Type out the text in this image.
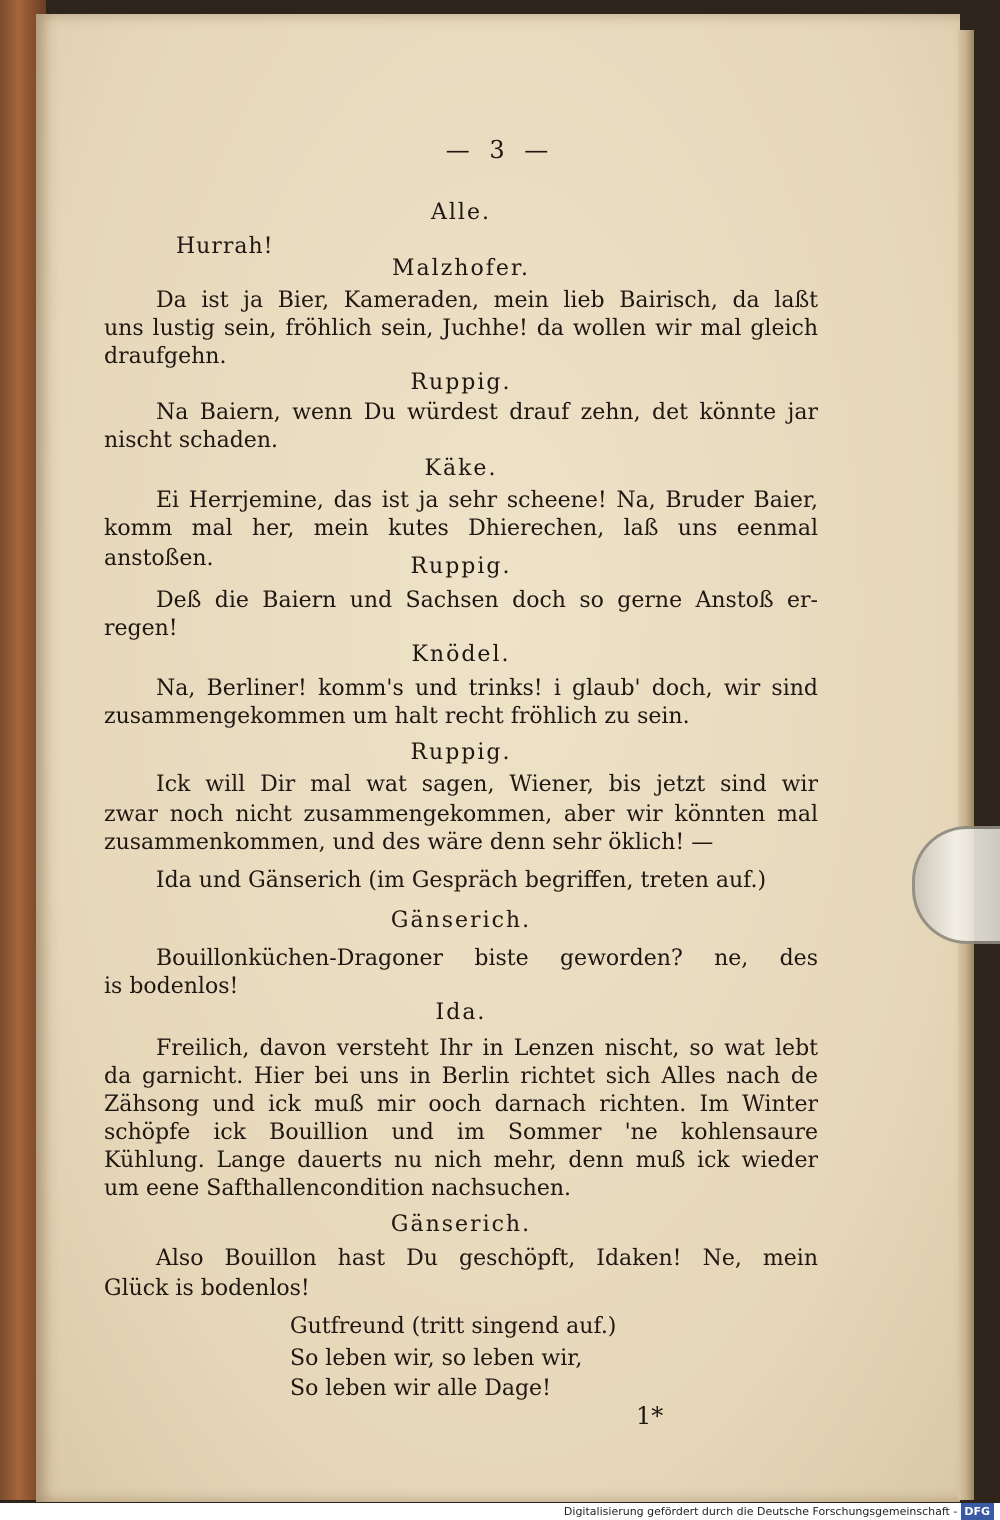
— 3 —
Alle.
Hurrah!
Malzhofer.
Da ist ja Bier, Kameraden, mein lieb Bairisch, da laßt
uns lustig sein, fröhlich sein, Juchhe! da wollen wir mal gleich
draufgehn.
Ruppig.
Na Baiern, wenn Du würdest drauf zehn, det könnte jar
nischt schaden.
Käke.
Ei Herrjemine, das ist ja sehr scheene! Na, Bruder Baier,
komm mal her, mein kutes Dhierechen, laß uns eenmal anstoßen.	Ruppig.
Deß die Baiern und Sachsen doch so gerne Anstoß er-
regen!
Knödel.
Na, Berliner! komm's und trinks! i glaub' doch, wir sind
zusammengekommen um halt recht fröhlich zu sein.
Ruppig.
Ick will Dir mal wat sagen, Wiener, bis jetzt sind wir
zwar noch nicht zusammengekommen, aber wir könnten mal
zusammenkommen, und des wäre denn sehr öklich! —
Ida und Gänserich (im Gespräch begriffen, treten auf.)
Gänserich.
Bouillonküchen-Dragoner biste geworden? ne, des
is bodenlos!
Ida.
Freilich, davon versteht Ihr in Lenzen nischt, so wat lebt
da garnicht. Hier bei uns in Berlin richtet sich Alles nach de
Zähsong und ick muß mir ooch darnach richten. Im Winter
schöpfe ick Bouillion und im Sommer 'ne kohlensaure
Kühlung. Lange dauerts nu nich mehr, denn muß ick wieder
um eene Safthallencondition nachsuchen.
Gänserich.
Also Bouillon hast Du geschöpft, Idaken! Ne, mein
Glück is bodenlos!
Gutfreund (tritt singend auf.)
So leben wir, so leben wir,
So leben wir alle Dage!
1*
Digitalisierung gefördert durch die Deutsche Forschungsgemeinschaft - DFG
